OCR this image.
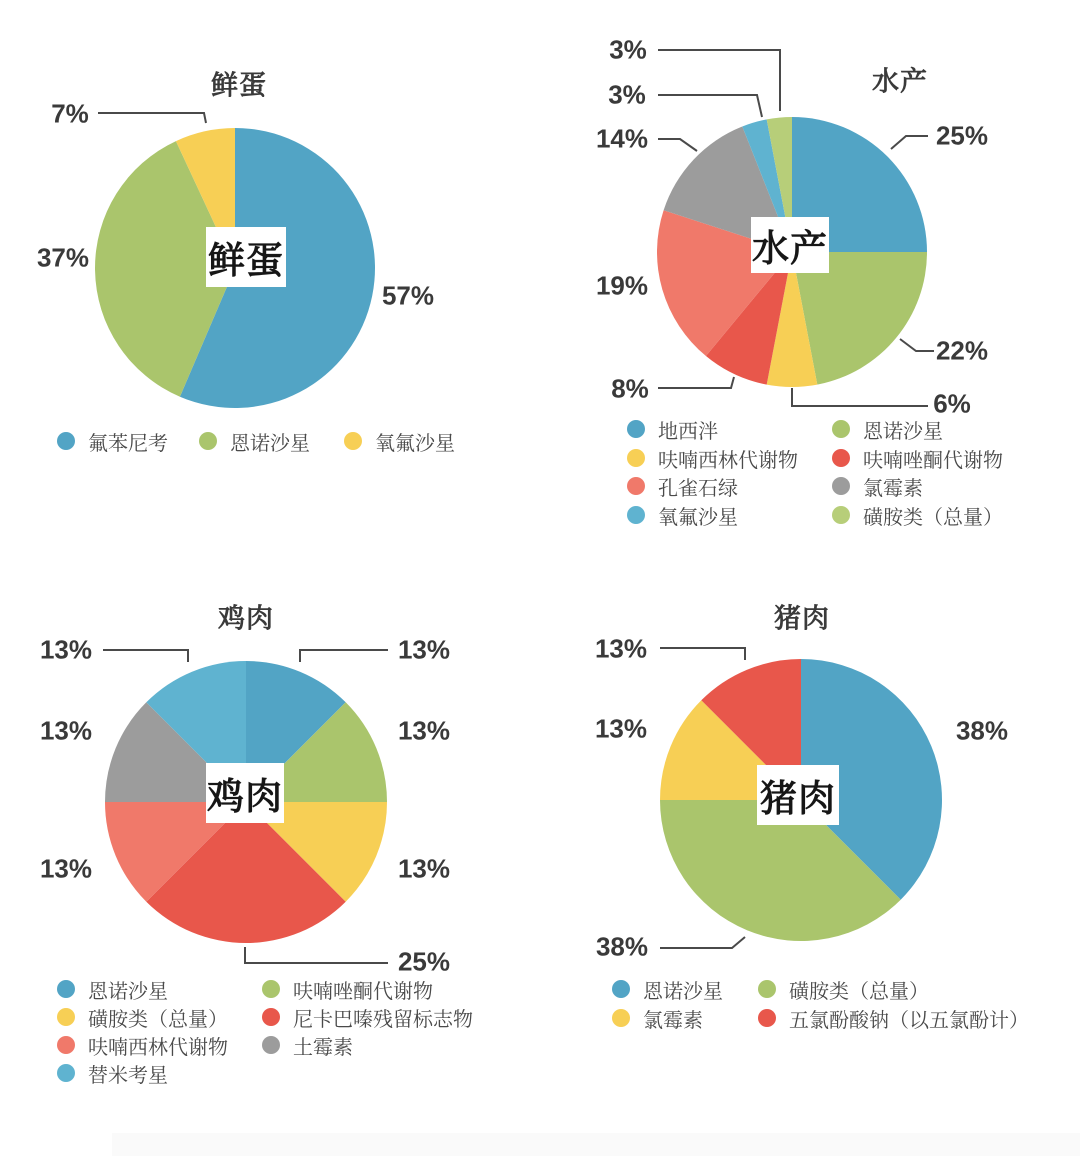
鲜蛋
57%
37%
7%
鲜蛋
氟苯尼考	恩诺沙星	氧氟沙星
水产
25%
22%
6%
8%
19%
14%
3%
3%
水产
地西泮
呋喃西林代谢物
孔雀石绿
氧氟沙星
恩诺沙星
呋喃唑酮代谢物
氯霉素
磺胺类（总量）
鸡肉
13%
13%
13%
25%
13%
13%
13%
鸡肉
恩诺沙星
磺胺类（总量）
呋喃西林代谢物
替米考星
呋喃唑酮代谢物
尼卡巴嗪残留标志物
土霉素
猪肉
38%
38%
13%
13%
猪肉
恩诺沙星
氯霉素
磺胺类（总量）
五氯酚酸钠（以五氯酚计）
